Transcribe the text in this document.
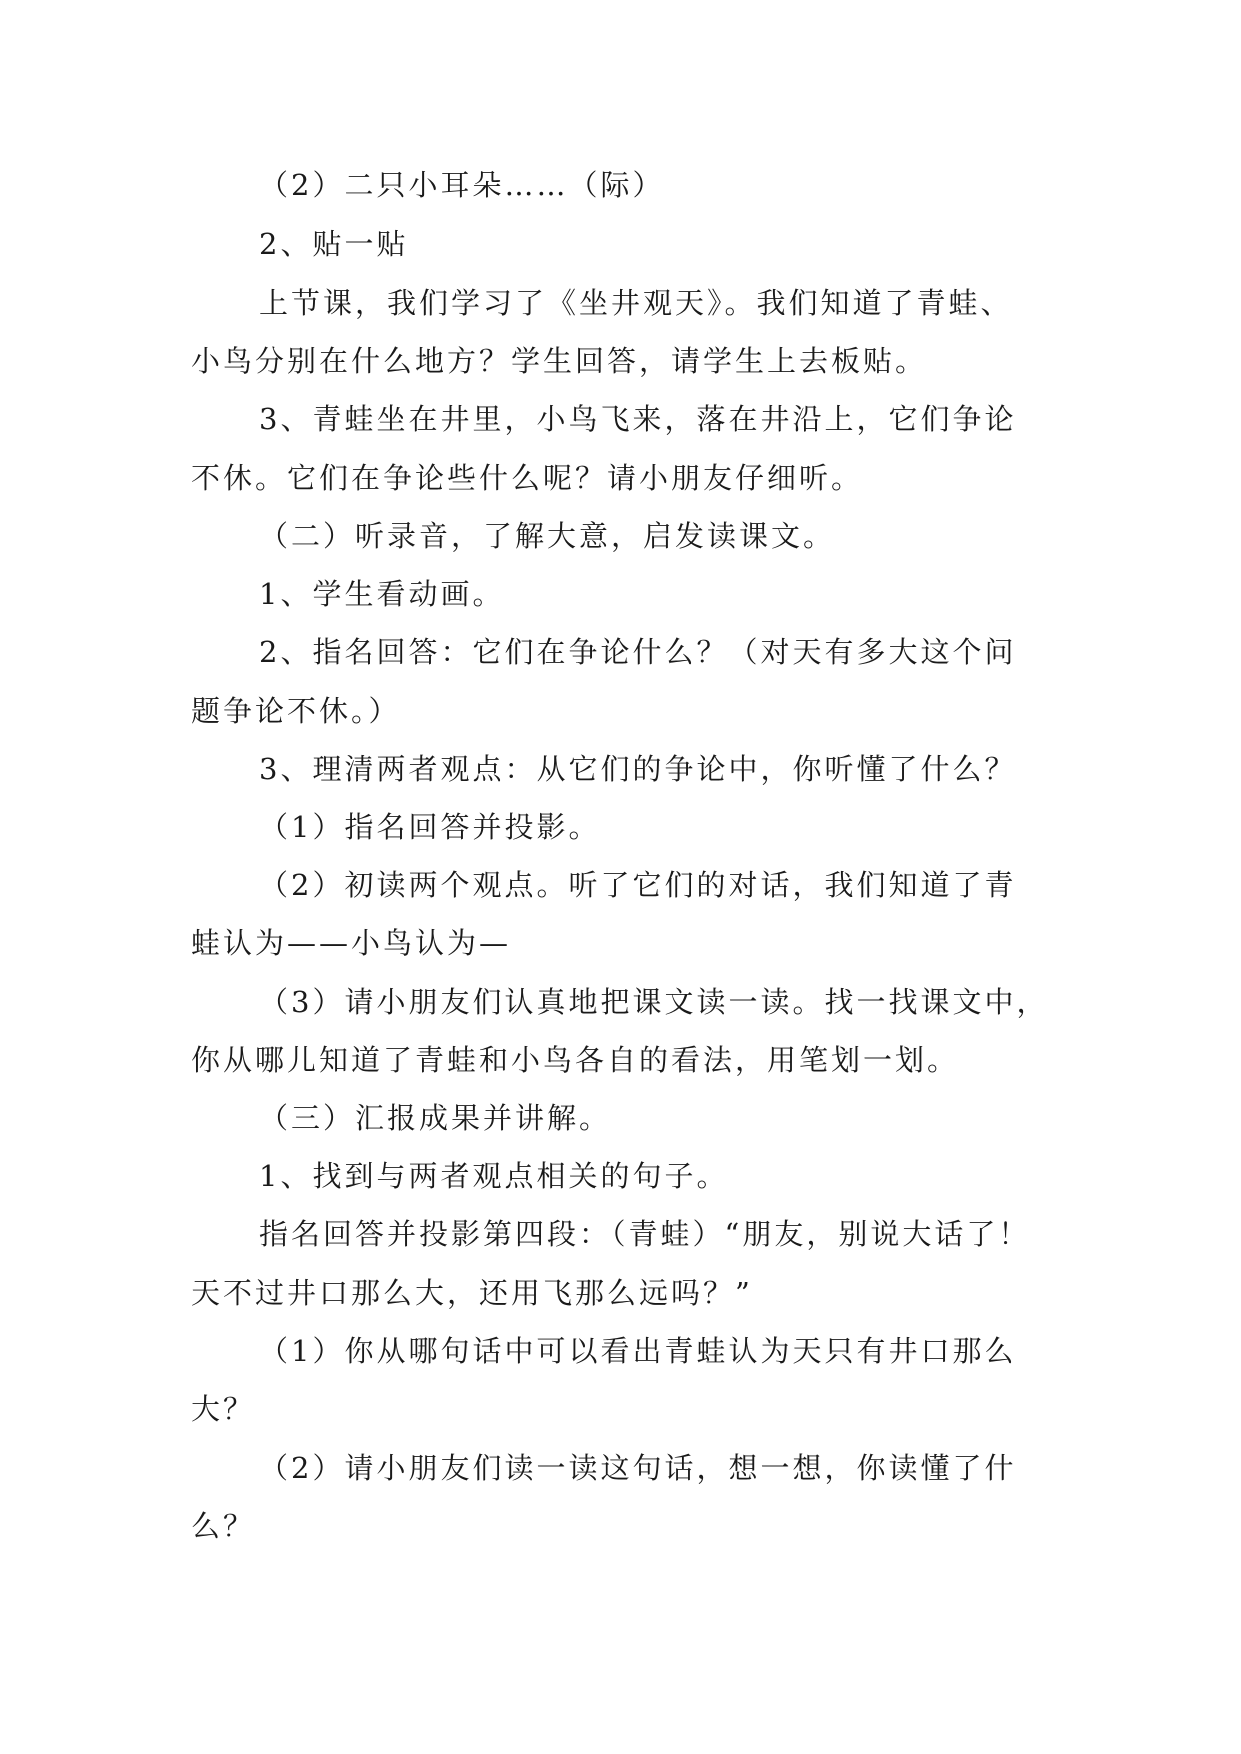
（2）二只小耳朵……（际）
2、贴一贴
上节课，我们学习了《坐井观天》。我们知道了青蛙、
小鸟分别在什么地方？学生回答，请学生上去板贴。
3、青蛙坐在井里，小鸟飞来，落在井沿上，它们争论
不休。它们在争论些什么呢？请小朋友仔细听。
（二）听录音，了解大意，启发读课文。
1、学生看动画。
2、指名回答：它们在争论什么？（对天有多大这个问
题争论不休。）
3、理清两者观点：从它们的争论中，你听懂了什么？
（1）指名回答并投影。
（2）初读两个观点。听了它们的对话，我们知道了青
蛙认为——小鸟认为—
（3）请小朋友们认真地把课文读一读。找一找课文中，
你从哪儿知道了青蛙和小鸟各自的看法，用笔划一划。
（三）汇报成果并讲解。
1、找到与两者观点相关的句子。
指名回答并投影第四段：（青蛙）“朋友，别说大话了！
天不过井口那么大，还用飞那么远吗？”
（1）你从哪句话中可以看出青蛙认为天只有井口那么
大？
（2）请小朋友们读一读这句话，想一想，你读懂了什
么？
